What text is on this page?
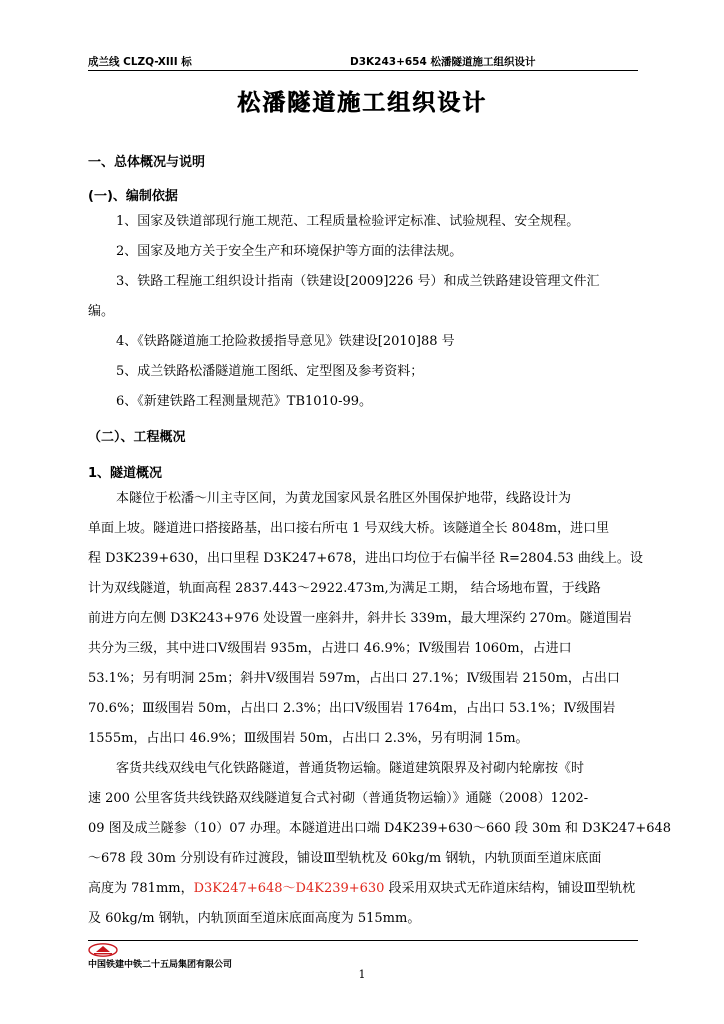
成兰线 CLZQ-XIII 标	D3K243+654 松潘隧道施工组织设计
松潘隧道施工组织设计
一、总体概况与说明
(一)、编制依据
1、国家及铁道部现行施工规范、工程质量检验评定标准、试验规程、安全规程。
2、国家及地方关于安全生产和环境保护等方面的法律法规。
3、铁路工程施工组织设计指南（铁建设[2009]226 号）和成兰铁路建设管理文件汇
编。
4、《铁路隧道施工抢险救援指导意见》铁建设[2010]88 号
5、成兰铁路松潘隧道施工图纸、定型图及参考资料；
6、《新建铁路工程测量规范》TB1010-99。
（二）、工程概况
1、隧道概况
本隧位于松潘～川主寺区间，为黄龙国家风景名胜区外围保护地带，线路设计为
单面上坡。隧道进口搭接路基，出口接右所屯 1 号双线大桥。该隧道全长 8048m，进口里
程 D3K239+630，出口里程 D3K247+678，进出口均位于右偏半径 R=2804.53 曲线上。设
计为双线隧道，轨面高程 2837.443～2922.473m,为满足工期， 结合场地布置，于线路
前进方向左侧 D3K243+976 处设置一座斜井，斜井长 339m，最大埋深约 270m。隧道围岩
共分为三级，其中进口Ⅴ级围岩 935m，占进口 46.9%；Ⅳ级围岩 1060m，占进口
53.1%；另有明洞 25m；斜井Ⅴ级围岩 597m，占出口 27.1%；Ⅳ级围岩 2150m，占出口
70.6%；Ⅲ级围岩 50m，占出口 2.3%；出口Ⅴ级围岩 1764m，占出口 53.1%；Ⅳ级围岩
1555m，占出口 46.9%；Ⅲ级围岩 50m，占出口 2.3%，另有明洞 15m。
客货共线双线电气化铁路隧道，普通货物运输。隧道建筑限界及衬砌内轮廓按《时
速 200 公里客货共线铁路双线隧道复合式衬砌（普通货物运输）》通隧（2008）1202-
09 图及成兰隧参（10）07 办理。本隧道进出口端 D4K239+630～660 段 30m 和 D3K247+648
～678 段 30m 分别设有砟过渡段，铺设Ⅲ型轨枕及 60kg/m 钢轨，内轨顶面至道床底面
高度为 781mm，D3K247+648～D4K239+630 段采用双块式无砟道床结构，铺设Ⅲ型轨枕
及 60kg/m 钢轨，内轨顶面至道床底面高度为 515mm。
中国铁建中铁二十五局集团有限公司
1
